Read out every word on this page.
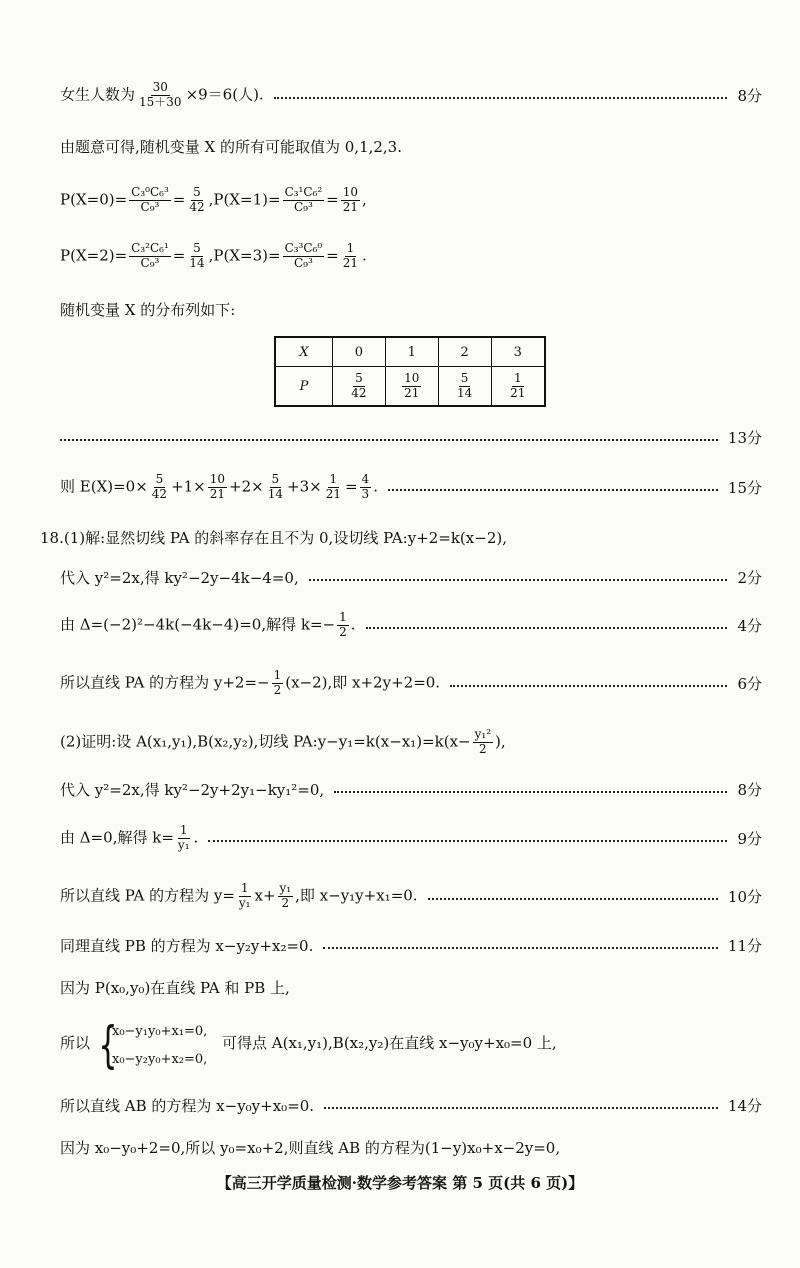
女生人数为 $\frac{30}{15+30} \times 9=6$(人).	8分
由题意可得,随机变量 X 的所有可能取值为 0,1,2,3.
$P(X=0)= \frac{\text{C₃⁰C₆³}}{\text{C₉³}} = \frac{5}{42} ,P(X=1)= \frac{\text{C₃¹C₆²}}{\text{C₉³}} = \frac{10}{21}$ ,
$P(X=2)= \frac{\text{C₃²C₆¹}}{\text{C₉³}} = \frac{5}{14} ,P(X=3)= \frac{\text{C₃³C₆⁰}}{\text{C₉³}} = \frac{1}{21}$ .
随机变量 X 的分布列如下:
X	0	1	2	3
P	$\frac{5}{42}$	$\frac{10}{21}$	$\frac{5}{14}$	$\frac{1}{21}$
13分
则 $E(X)=0\times \frac{5}{42} +1\times \frac{10}{21} +2\times \frac{5}{14} +3\times \frac{1}{21} = \frac{4}{3}$ .	15分
18.(1)解:显然切线 PA 的斜率存在且不为 0,设切线 PA:y+2=k(x−2),
代入 y²=2x,得 ky²−2y−4k−4=0,	2分
由 Δ=(−2)²−4k(−4k−4)=0,解得 $k=- \frac{1}{2}$ .	4分
所以直线 PA 的方程为 $y+2=- \frac{1}{2} (x-2)$,即 x+2y+2=0.	6分
(2)证明:设 A(x₁,y₁),B(x₂,y₂),切线 PA:y−y₁=k(x−x₁)=k(x− $\frac{\text{y₁²}}{2}$ ),
代入 y²=2x,得 ky²−2y+2y₁−ky₁²=0,	8分
由 Δ=0,解得 $k= \frac{1}{\text{y₁}}$ .	9分
所以直线 PA 的方程为 $y= \frac{1}{\text{y₁}} x+ \frac{\text{y₁}}{2}$ ,即 x−y₁y+x₁=0.	10分
同理直线 PB 的方程为 x−y₂y+x₂=0.	11分
因为 P(x₀,y₀)在直线 PA 和 PB 上,
所以 {
x₀−y₁y₀+x₁=0,
x₀−y₂y₀+x₂=0,
可得点 A(x₁,y₁),B(x₂,y₂)在直线 x−y₀y+x₀=0 上,
所以直线 AB 的方程为 x−y₀y+x₀=0.	14分
因为 x₀−y₀+2=0,所以 y₀=x₀+2,则直线 AB 的方程为(1−y)x₀+x−2y=0,
【高三开学质量检测·数学参考答案 第 5 页(共 6 页)】
